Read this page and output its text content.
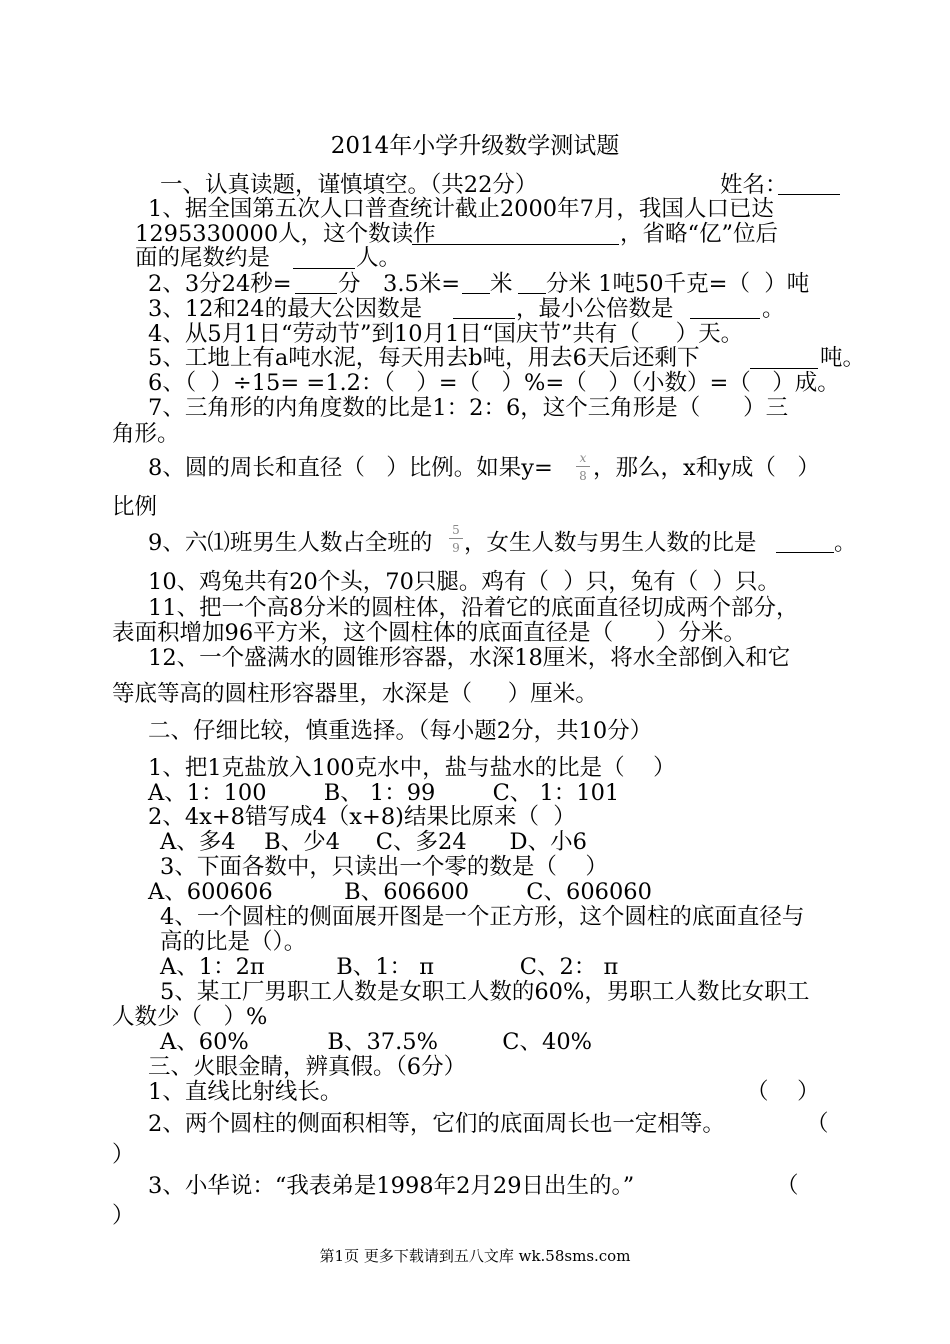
2014年小学升级数学测试题
一、认真读题，谨慎填空。（共22分）	姓名：
1、据全国第五次人口普查统计截止2000年7月，我国人口已达
1295330000人，这个数读作	，省略“亿”位后
面的尾数约是	人。
2、3分24秒= 分　3.5米= 米 分米 1吨50千克=（  ）吨
3、12和24的最大公因数是	，最小公倍数是	。
4、从5月1日“劳动节”到10月1日“国庆节”共有（     ）天。
5、工地上有a吨水泥，每天用去b吨，用去6天后还剩下	吨。
6、（  ）÷15= =1.2：（   ）=（   ）%=（   ）（小数）=（   ）成。
7、三角形的内角度数的比是1：2：6，这个三角形是（      ）三
角形。
8、圆的周长和直径（   ）比例。如果y=	x
8 ，那么，x和y成（   ）
比例
9、六⑴班男生人数占全班的 5
9 ，女生人数与男生人数的比是	。
10、鸡兔共有20个头，70只腿。鸡有（  ）只，兔有（  ）只。
11、把一个高8分米的圆柱体，沿着它的底面直径切成两个部分，
表面积增加96平方米，这个圆柱体的底面直径是（      ）分米。
12、一个盛满水的圆锥形容器，水深18厘米，将水全部倒入和它
等底等高的圆柱形容器里，水深是（     ）厘米。
二、仔细比较，慎重选择。（每小题2分，共10分）
1、把1克盐放入100克水中，盐与盐水的比是（    ）
A、1：100        B、 1：99        C、 1：101
2、4x+8错写成4（x+8)结果比原来（  ）
A、多4    B、少4     C、多24      D、小6
3、下面各数中，只读出一个零的数是（    ）
A、600606          B、606600        C、606060
4、一个圆柱的侧面展开图是一个正方形，这个圆柱的底面直径与
高的比是（）。
A、1：2π          B、1： π            C、2： π
5、某工厂男职工人数是女职工人数的60%，男职工人数比女职工
人数少（   ）%
A、60%           B、37.5%         C、40%
三、火眼金睛，辨真假。（6分）
1、直线比射线长。	（    ）
2、两个圆柱的侧面积相等，它们的底面周长也一定相等。	（
）
3、小华说：“我表弟是1998年2月29日出生的。”	（
）
第1页 更多下载请到五八文库 wk.58sms.com
